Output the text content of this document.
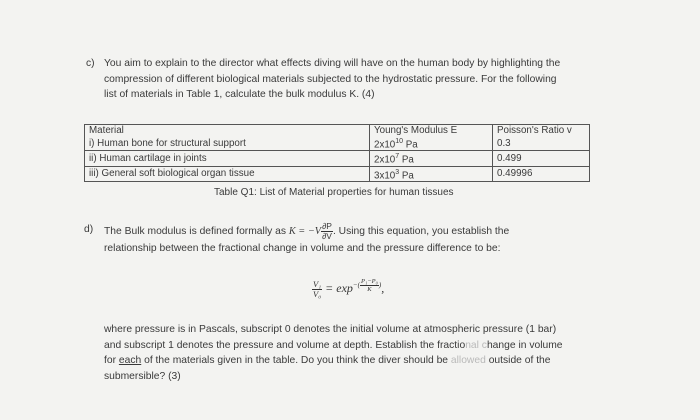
c) You aim to explain to the director what effects diving will have on the human body by highlighting the
compression of different biological materials subjected to the hydrostatic pressure. For the following
list of materials in Table 1, calculate the bulk modulus K. (4)
Material	Young's Modulus E	Poisson's Ratio v
i) Human bone for structural support	$2x10^{10}$ Pa	0.3
ii) Human cartilage in joints	$2x10^7$ Pa	0.499
iii) General soft biological organ tissue	$3x10^3$ Pa	0.49996
Table Q1: List of Material properties for human tissues
d) The Bulk modulus is defined formally as $K = -V \frac{\partial P}{\partial V}$ . Using this equation, you establish the
relationship between the fractional change in volume and the pressure difference to be:
$\frac{\text{V₁}}{\text{V₀}} = \exp-( \frac{\text{P₁−P₀}}{K}$ ),
where pressure is in Pascals, subscript 0 denotes the initial volume at atmospheric pressure (1 bar)
and subscript 1 denotes the pressure and volume at depth. Establish the fractional change in volume
for each of the materials given in the table. Do you think the diver should be allowed outside of the
submersible? (3)
